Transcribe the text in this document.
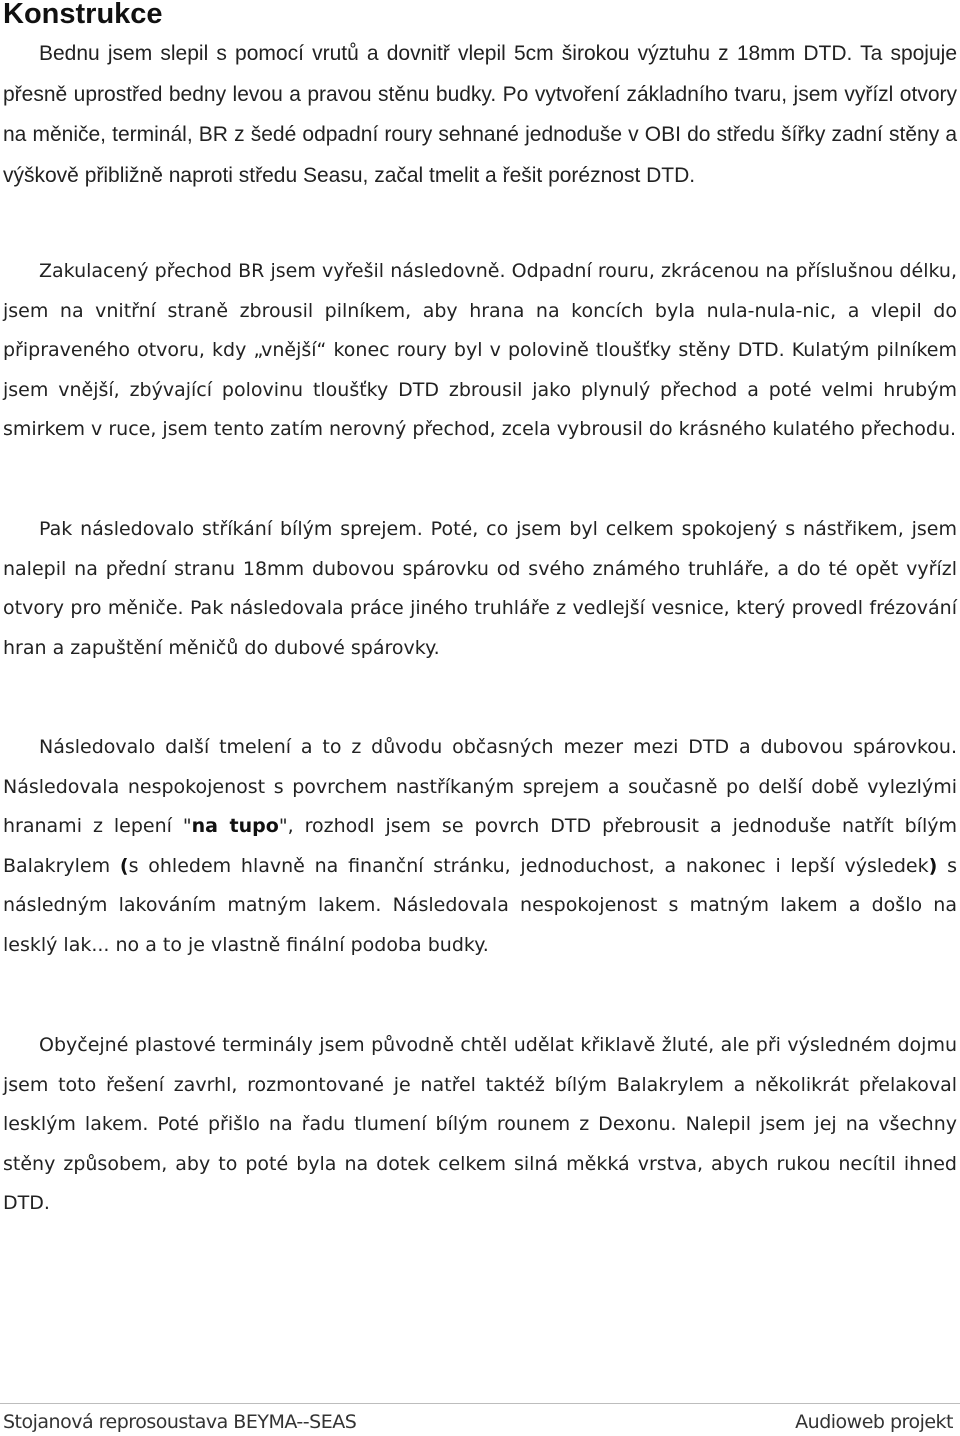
Konstrukce

Bednu jsem slepil s pomocí vrutů a dovnitř vlepil 5cm širokou výztuhu z 18mm DTD. Ta spojuje přesně uprostřed bedny levou a pravou stěnu budky. Po vytvoření základního tvaru, jsem vyřízl otvory na měniče, terminál, BR z šedé odpadní roury sehnané jednoduše v OBI do středu šířky zadní stěny a výškově přibližně naproti středu Seasu, začal tmelit a řešit poréznost DTD.

Zakulacený přechod BR jsem vyřešil následovně. Odpadní rouru, zkrácenou na příslušnou délku, jsem na vnitřní straně zbrousil pilníkem, aby hrana na koncích byla nula-nula-nic, a vlepil do připraveného otvoru, kdy „vnější“ konec roury byl v polovině tloušťky stěny DTD. Kulatým pilníkem jsem vnější, zbývající polovinu tloušťky DTD zbrousil jako plynulý přechod a poté velmi hrubým smirkem v ruce, jsem tento zatím nerovný přechod, zcela vybrousil do krásného kulatého přechodu.

Pak následovalo stříkání bílým sprejem. Poté, co jsem byl celkem spokojený s nástřikem, jsem nalepil na přední stranu 18mm dubovou spárovku od svého známého truhláře, a do té opět vyřízl otvory pro měniče. Pak následovala práce jiného truhláře z vedlejší vesnice, který provedl frézování hran a zapuštění měničů do dubové spárovky.

Následovalo další tmelení a to z důvodu občasných mezer mezi DTD a dubovou spárovkou. Následovala nespokojenost s povrchem nastříkaným sprejem a současně po delší době vylezlými hranami z lepení "na tupo", rozhodl jsem se povrch DTD přebrousit a jednoduše natřít bílým Balakrylem (s ohledem hlavně na finanční stránku, jednoduchost, a nakonec i lepší výsledek) s následným lakováním matným lakem. Následovala nespokojenost s matným lakem a došlo na lesklý lak... no a to je vlastně finální podoba budky.

Obyčejné plastové terminály jsem původně chtěl udělat křiklavě žluté, ale při výsledném dojmu jsem toto řešení zavrhl, rozmontované je natřel taktéž bílým Balakrylem a několikrát přelakoval lesklým lakem. Poté přišlo na řadu tlumení bílým rounem z Dexonu. Nalepil jsem jej na všechny stěny způsobem, aby to poté byla na dotek celkem silná měkká vrstva, abych rukou necítil ihned DTD.

Stojanová reprosoustava BEYMA--SEAS	Audioweb projekt
